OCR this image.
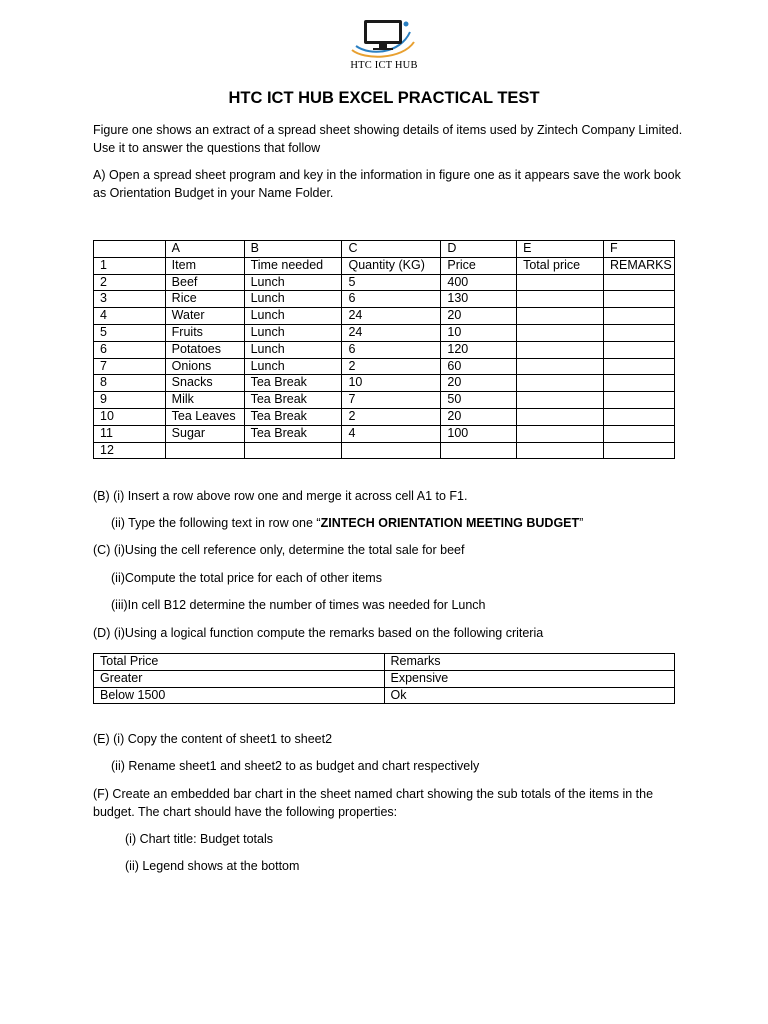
HTC ICT HUB
HTC ICT HUB EXCEL PRACTICAL TEST
Figure one shows an extract of a spread sheet showing details of items used by Zintech Company Limited. Use it to answer the questions that follow
A) Open a spread sheet program and key in the information in figure one as it appears save the work book as Orientation Budget in your Name Folder.
	A	B	C	D	E	F
1	Item	Time needed	Quantity (KG)	Price	Total price	REMARKS
2	Beef	Lunch	5	400		
3	Rice	Lunch	6	130		
4	Water	Lunch	24	20		
5	Fruits	Lunch	24	10		
6	Potatoes	Lunch	6	120		
7	Onions	Lunch	2	60		
8	Snacks	Tea Break	10	20		
9	Milk	Tea Break	7	50		
10	Tea Leaves	Tea Break	2	20		
11	Sugar	Tea Break	4	100		
12						
(B) (i) Insert a row above row one and merge it across cell A1 to F1.
(ii) Type the following text in row one “ZINTECH ORIENTATION MEETING BUDGET”
(C) (i)Using the cell reference only, determine the total sale for beef
(ii)Compute the total price for each of other items
(iii)In cell B12 determine the number of times was needed for Lunch
(D) (i)Using a logical function compute the remarks based on the following criteria
Total Price	Remarks
Greater	Expensive
Below 1500	Ok
(E) (i) Copy the content of sheet1 to sheet2
(ii) Rename sheet1 and sheet2 to as budget and chart respectively
(F) Create an embedded bar chart in the sheet named chart showing the sub totals of the items in the budget. The chart should have the following properties:
(i) Chart title: Budget totals
(ii) Legend shows at the bottom
